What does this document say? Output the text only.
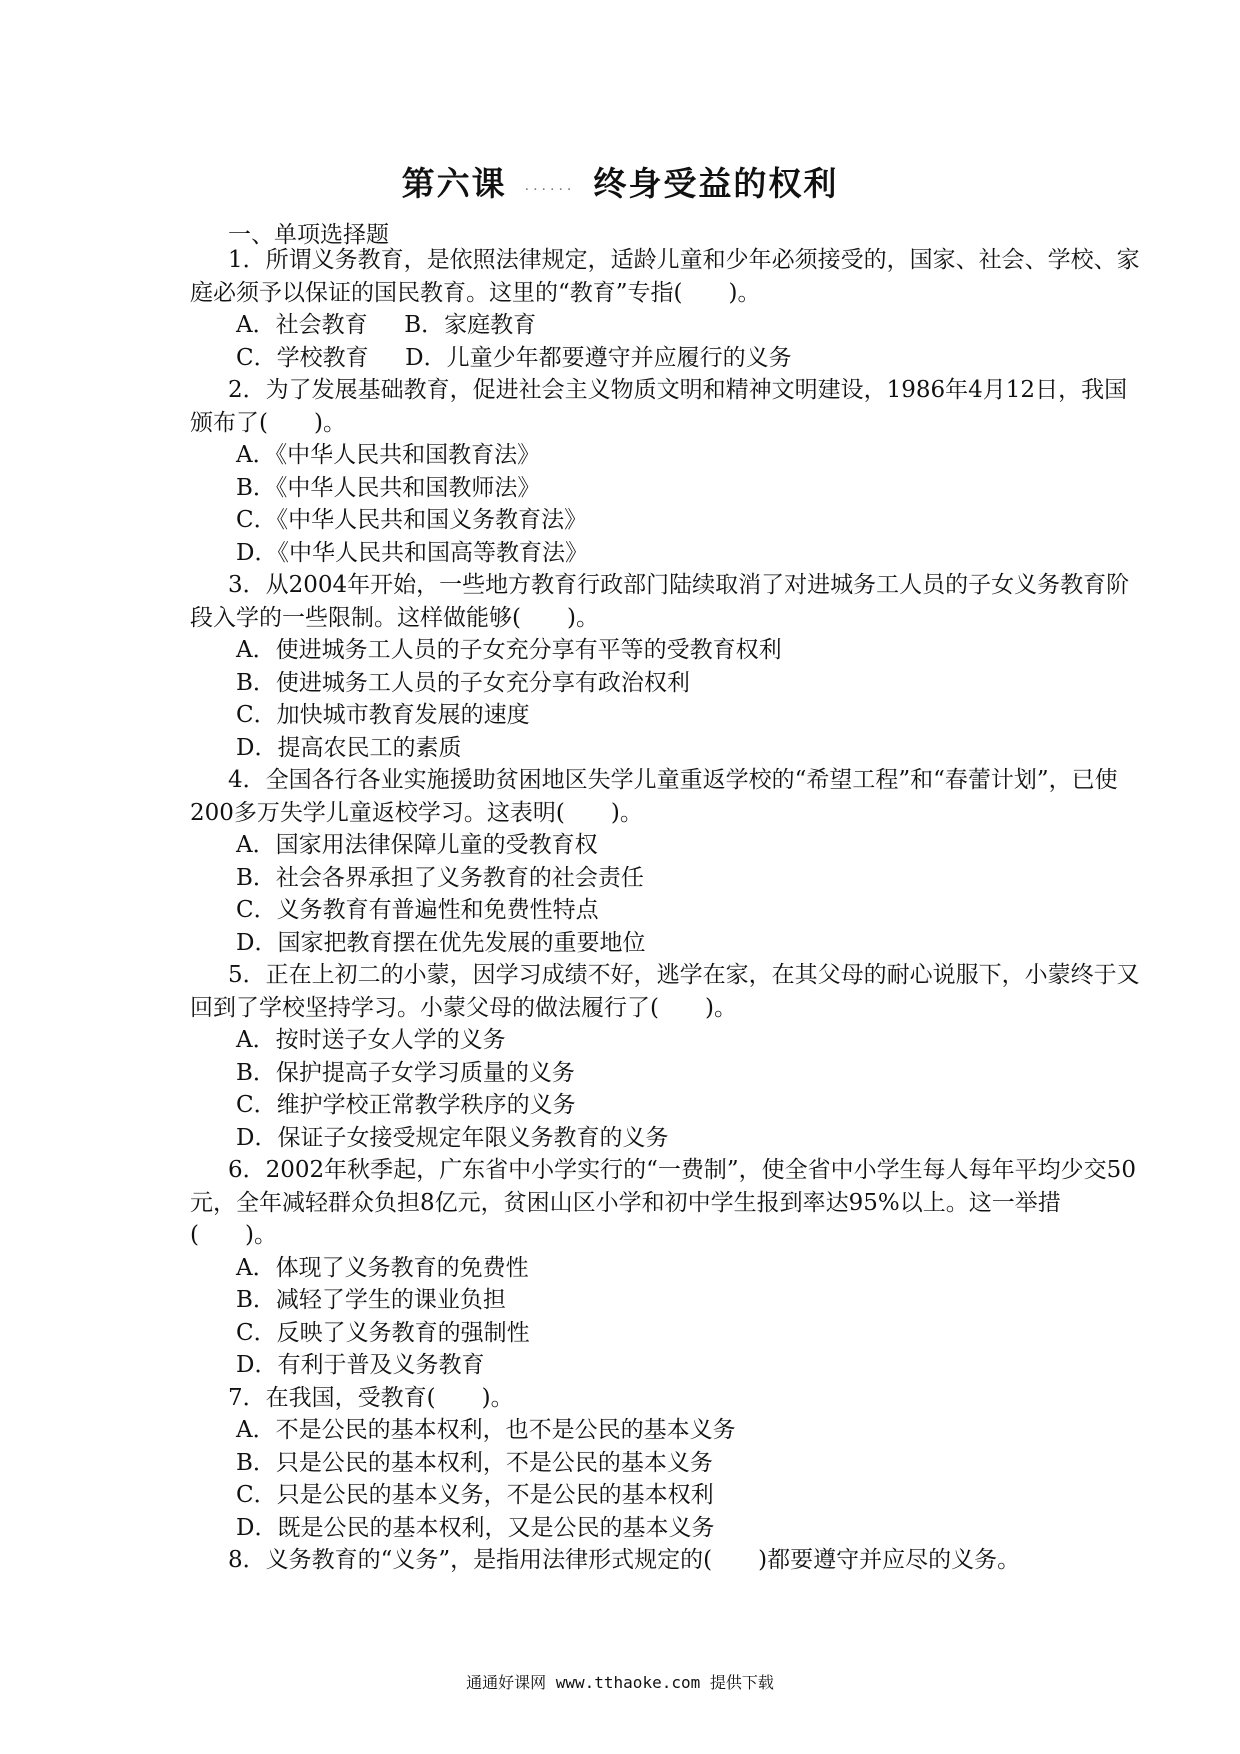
第六课 ...... 终身受益的权利
一、单项选择题
1．所谓义务教育，是依照法律规定，适龄儿童和少年必须接受的，国家、社会、学校、家庭必须予以保证的国民教育。这里的“教育”专指(　　)。
A．社会教育 B．家庭教育
C．学校教育 D．儿童少年都要遵守并应履行的义务
2．为了发展基础教育，促进社会主义物质文明和精神文明建设，1986年4月12日，我国颁布了(　　)。
A．《中华人民共和国教育法》
B．《中华人民共和国教师法》
C．《中华人民共和国义务教育法》
D．《中华人民共和国高等教育法》
3．从2004年开始，一些地方教育行政部门陆续取消了对进城务工人员的子女义务教育阶段入学的一些限制。这样做能够(　　)。
A．使进城务工人员的子女充分享有平等的受教育权利
B．使进城务工人员的子女充分享有政治权利
C．加快城市教育发展的速度
D．提高农民工的素质
4．全国各行各业实施援助贫困地区失学儿童重返学校的“希望工程”和“春蕾计划”，已使200多万失学儿童返校学习。这表明(　　)。
A．国家用法律保障儿童的受教育权
B．社会各界承担了义务教育的社会责任
C．义务教育有普遍性和免费性特点
D．国家把教育摆在优先发展的重要地位
5．正在上初二的小蒙，因学习成绩不好，逃学在家，在其父母的耐心说服下，小蒙终于又回到了学校坚持学习。小蒙父母的做法履行了(　　)。
A．按时送子女人学的义务
B．保护提高子女学习质量的义务
C．维护学校正常教学秩序的义务
D．保证子女接受规定年限义务教育的义务
6．2002年秋季起，广东省中小学实行的“一费制”，使全省中小学生每人每年平均少交50元，全年减轻群众负担8亿元，贫困山区小学和初中学生报到率达95%以上。这一举措(　　)。
A．体现了义务教育的免费性
B．减轻了学生的课业负担
C．反映了义务教育的强制性
D．有利于普及义务教育
7．在我国，受教育(　　)。
A．不是公民的基本权利，也不是公民的基本义务
B．只是公民的基本权利，不是公民的基本义务
C．只是公民的基本义务，不是公民的基本权利
D．既是公民的基本权利，又是公民的基本义务
8．义务教育的“义务”，是指用法律形式规定的(　　)都要遵守并应尽的义务。
通通好课网 www.tthaoke.com 提供下载
